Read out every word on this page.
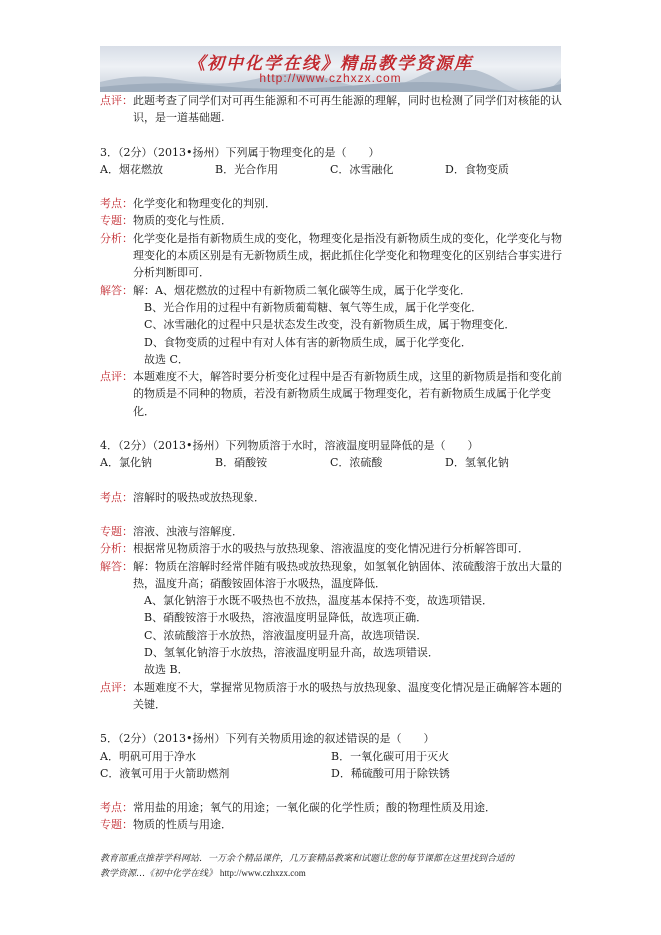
《初中化学在线》精品教学资源库
http://www.czhxzx.com
点评： 此题考查了同学们对可再生能源和不可再生能源的理解，同时也检测了同学们对核能的认识，是一道基础题.
3．（2分）（2013•扬州）下列属于物理变化的是（　　）
A．烟花燃放	B．光合作用	C．冰雪融化	D．食物变质
考点： 化学变化和物理变化的判别．
专题： 物质的变化与性质．
分析： 化学变化是指有新物质生成的变化，物理变化是指没有新物质生成的变化，化学变化与物理变化的本质区别是有无新物质生成，据此抓住化学变化和物理变化的区别结合事实进行分析判断即可．
解答： 解：A、烟花燃放的过程中有新物质二氧化碳等生成，属于化学变化．
B、光合作用的过程中有新物质葡萄糖、氧气等生成，属于化学变化．
C、冰雪融化的过程中只是状态发生改变，没有新物质生成，属于物理变化．
D、食物变质的过程中有对人体有害的新物质生成，属于化学变化．
故选 C．
点评： 本题难度不大，解答时要分析变化过程中是否有新物质生成，这里的新物质是指和变化前的物质是不同种的物质，若没有新物质生成属于物理变化，若有新物质生成属于化学变化．
4．（2分）（2013•扬州）下列物质溶于水时，溶液温度明显降低的是（　　）
A．氯化钠	B．硝酸铵	C．浓硫酸	D．氢氧化钠
考点： 溶解时的吸热或放热现象．
专题： 溶液、浊液与溶解度．
分析： 根据常见物质溶于水的吸热与放热现象、溶液温度的变化情况进行分析解答即可．
解答： 解：物质在溶解时经常伴随有吸热或放热现象，如氢氧化钠固体、浓硫酸溶于放出大量的热，温度升高；硝酸铵固体溶于水吸热，温度降低．
A、氯化钠溶于水既不吸热也不放热，温度基本保持不变，故选项错误．
B、硝酸铵溶于水吸热，溶液温度明显降低，故选项正确．
C、浓硫酸溶于水放热，溶液温度明显升高，故选项错误．
D、氢氧化钠溶于水放热，溶液温度明显升高，故选项错误．
故选 B．
点评： 本题难度不大，掌握常见物质溶于水的吸热与放热现象、温度变化情况是正确解答本题的关键．
5．（2分）（2013•扬州）下列有关物质用途的叙述错误的是（　　）
A．明矾可用于净水	B．一氧化碳可用于灭火
C．液氧可用于火箭助燃剂	D．稀硫酸可用于除铁锈
考点： 常用盐的用途；氧气的用途；一氧化碳的化学性质；酸的物理性质及用途．
专题： 物质的性质与用途．
教育部重点推荐学科网站．一万余个精品课件，几万套精品教案和试题让您的每节课都在这里找到合适的
教学资源…《初中化学在线》 http://www.czhxzx.com
